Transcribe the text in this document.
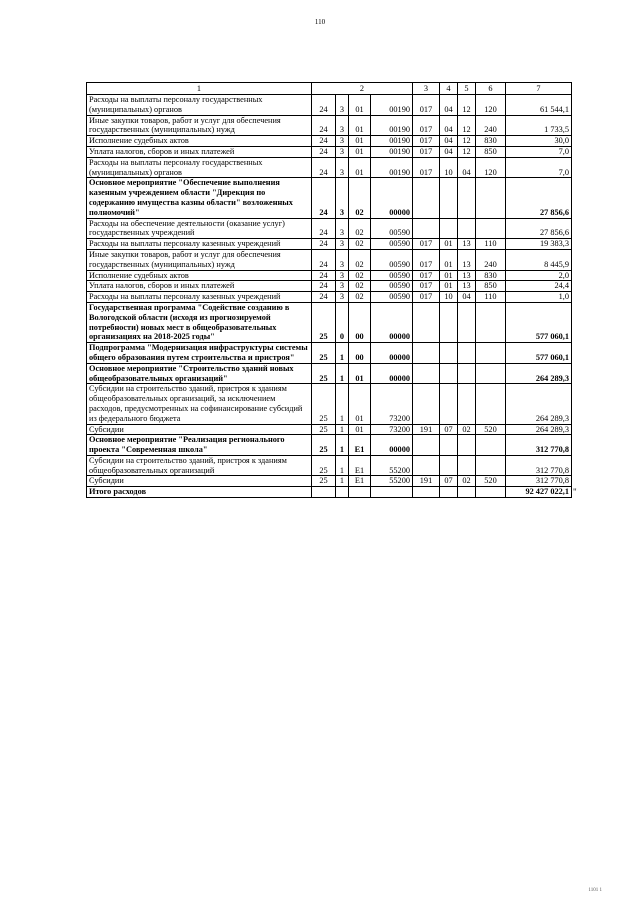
110
1	2				3	4	5	6	7
Расходы на выплаты персоналу государственных (муниципальных) органов	24	3	01	00190	017	04	12	120	61 544,1
Иные закупки товаров, работ и услуг для обеспечения государственных (муниципальных) нужд	24	3	01	00190	017	04	12	240	1 733,5
Исполнение судебных актов	24	3	01	00190	017	04	12	830	30,0
Уплата налогов, сборов и иных платежей	24	3	01	00190	017	04	12	850	7,0
Расходы на выплаты персоналу государственных (муниципальных) органов	24	3	01	00190	017	10	04	120	7,0
Основное мероприятие "Обеспечение выполнения казенным учреждением области "Дирекция по содержанию имущества казны области" возложенных полномочий"	24	3	02	00000					27 856,6
Расходы на обеспечение деятельности (оказание услуг) государственных учреждений	24	3	02	00590					27 856,6
Расходы на выплаты персоналу казенных учреждений	24	3	02	00590	017	01	13	110	19 383,3
Иные закупки товаров, работ и услуг для обеспечения государственных (муниципальных) нужд	24	3	02	00590	017	01	13	240	8 445,9
Исполнение судебных актов	24	3	02	00590	017	01	13	830	2,0
Уплата налогов, сборов и иных платежей	24	3	02	00590	017	01	13	850	24,4
Расходы на выплаты персоналу казенных учреждений	24	3	02	00590	017	10	04	110	1,0
Государственная программа "Содействие созданию в Вологодской области (исходя из прогнозируемой потребности) новых мест в общеобразовательных организациях на 2018-2025 годы"	25	0	00	00000					577 060,1
Подпрограмма "Модернизация инфраструктуры системы общего образования путем строительства и пристроя"	25	1	00	00000					577 060,1
Основное мероприятие "Строительство зданий новых общеобразовательных организаций"	25	1	01	00000					264 289,3
Субсидии на строительство зданий, пристроя к зданиям общеобразовательных организаций, за исключением расходов, предусмотренных на софинансирование субсидий из федерального бюджета	25	1	01	73200					264 289,3
Субсидии	25	1	01	73200	191	07	02	520	264 289,3
Основное мероприятие "Реализация регионального проекта "Современная школа"	25	1	E1	00000					312 770,8
Субсидии на строительство зданий, пристроя к зданиям общеобразовательных организаций	25	1	E1	55200					312 770,8
Субсидии	25	1	E1	55200	191	07	02	520	312 770,8
Итого расходов									92 427 022,1 "
1101 1
